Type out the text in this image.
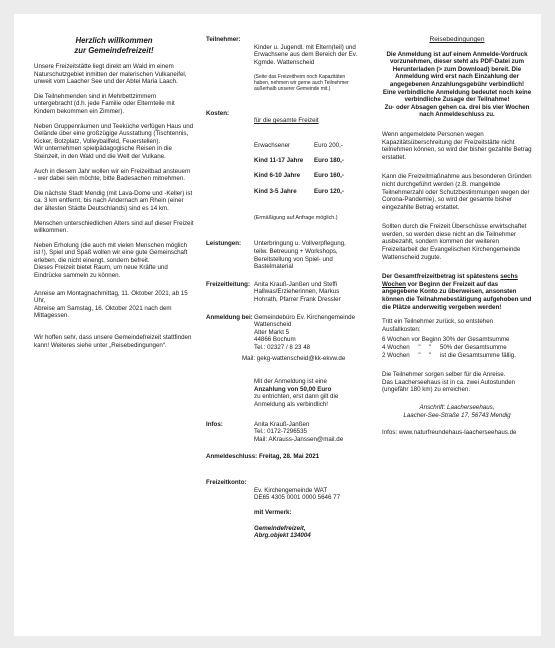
Herzlich willkommen
zur Gemeindefreizeit!

Unsere Freizeitstätte liegt direkt am Wald im einem Naturschutzgebiet inmitten der malerischen Vulkaneifel, unweit vom Laacher See und der Abtei Maria Laach.

Die Teilnehmenden sind in Mehrbettzimmern untergebracht (d.h. jede Familie oder Elternteile mit Kindern bekommen ein Zimmer).

Neben Gruppenräumen und Teeküche verfügen Haus und Gelände über eine großzügige Ausstattung (Tischtennis, Kicker, Bolzplatz, Volleyballfeld, Feuerstellen).
Wir unternehmen spielpädagogische Reisen in die Steinzeit, in den Wald und die Welt der Vulkane.

Auch in diesem Jahr wollen wir ein Freizeitbad ansteuern - wer dabei sein möchte, bitte Badesachen mitnehmen.

Die nächste Stadt Mendig (mit Lava-Dome und -Keller) ist ca. 3 km entfernt, bis nach Andernach am Rhein (einer der ältesten Städte Deutschlands) sind es 14 km.

Menschen unterschiedlichen Alters sind auf dieser Freizeit willkommen.

Neben Erholung (die auch mit vielen Menschen möglich ist !), Spiel und Spaß wollen wir eine gute Gemeinschaft erleben, die nicht einengt, sondern befreit.
Dieses Freizeit bietet Raum, um neue Kräfte und Eindrücke sammeln zu können.

Anreise am Montagnachmittag, 11. Oktober 2021, ab 15 Uhr,
Abreise am Samstag, 16. Oktober 2021 nach dem Mittagessen.

Wir hoffen sehr, dass unsere Gemeindefreizeit stattfinden kann! Weiteres siehe unter „Reisebedingungen“.

Teilnehmer:

Kinder u. Jugendl. mit Eltern(teil) und Erwachsene aus dem Bereich der Ev. Kgmde. Wattenscheid

(Seite das Freizeitheim noch Kapazitäten haben, nehmen wir gerne auch Teilnehmer außerhalb unserer Gemeinde mit.)

Kosten:

für die gesamte Freizeit

Erwachsener	Euro 200,-

Kind 11-17 Jahre	Euro 180,-

Kind 6-10 Jahre	Euro 160,-

Kind 3-5 Jahre	Euro 120,-

(Ermäßigung auf Anfrage möglich.)

Leistungen:	Unterbringung u. Vollverpflegung, teilw. Betreuung + Workshops, Bereitstellung von Spiel- und Bastelmaterial
Freizeitleitung: Anita Krauß-Janßen und Steffi Hallwas/Erzieherinnen, Markus Hohrath, Pfarrer Frank Dressler
Anmeldung bei: Gemeindebüro Ev. Kirchengemeinde Wattenscheid
Alter Markt 5
44866 Bochum
Tel.: 02327 / 8 23 48
Mail: gekg-wattenscheid@kk-ekvw.de
Mit der Anmeldung ist eine
Anzahlung von 50,00 Euro
zu entrichten, erst dann gilt die Anmeldung als verbindlich!
Infos:	Anita Krauß-Janßen
Tel.: 0172-7296535
Mail: AKrauss-Janssen@mail.de
Anmeldeschluss: Freitag, 28. Mai 2021
Freizeitkonto:

Ev. Kirchengemeinde WAT
DE65 4305 0001 0000 5646 77

mit Vermerk:

Gemeindefreizeit,
Abrg.objekt 134004

Reisebedingungen

Die Anmeldung ist auf einem Anmelde-Vordruck vorzunehmen, dieser steht als PDF-Datei zum Herunterladen (> zum Download) bereit. Die Anmeldung wird erst nach Einzahlung der angegebenen Anzahlungsgebühr verbindlich!
Eine verbindliche Anmeldung bedeutet noch keine verbindliche Zusage der Teilnahme!
Zu- oder Absagen gehen ca. drei bis vier Wochen nach Anmeldeschluss zu.

Wenn angemeldete Personen wegen Kapazitätsüberschreitung der Freizeitstätte nicht teilnehmen können, so wird der bisher gezahlte Betrag erstattet.

Kann die Freizeitmaßnahme aus besonderen Gründen nicht durchgeführt werden (z.B. mangelnde Teilnehmerzahl oder Schutzbestimmungen wegen der Corona-Pandemie), so wird der gesamte bisher eingezahlte Betrag erstattet.

Sollten durch die Freizeit Überschüsse erwirtschaftet werden, so werden diese nicht an die Teilnehmer ausbezahlt, sondern kommen der weiteren Freizeitarbeit der Evangelischen Kirchengemeinde Wattenscheid zugute.

Der Gesamtfreizeitbetrag ist spätestens sechs Wochen vor Beginn der Freizeit auf das angegebene Konto zu überweisen, ansonsten können die Teilnahmebestätigung aufgehoben und die Plätze anderweitig vergeben werden!

Tritt ein Teilnehmer zurück, so entstehen Ausfallkosten:

6 Wochen vor Beginn 30% der Gesamtsumme
4 Wochen     "     "     50% der Gesamtsumme
2 Wochen     "     "     ist die Gesamtsumme fällig.

Die Teilnehmer sorgen selber für die Anreise.
Das Laacherseehaus ist in ca. zwei Autostunden (ungefähr 180 km) zu erreichen.

Anschrift: Laacherseehaus,
Laacher-See-Straße 17, 56743 Mendig

Infos: www.naturfreundehaus-laacherseehaus.de
